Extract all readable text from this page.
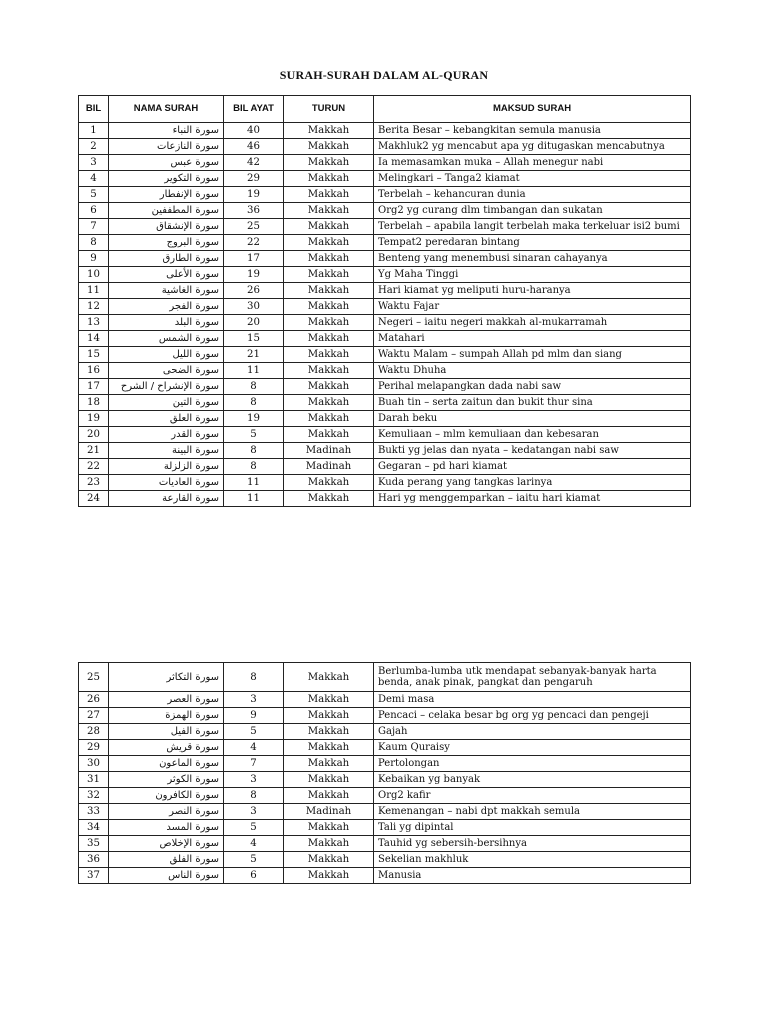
SURAH-SURAH DALAM AL-QURAN
BIL	NAMA SURAH	BIL AYAT	TURUN	MAKSUD SURAH
1	سورة النباء	40	Makkah	Berita Besar – kebangkitan semula manusia
2	سورة النازعات	46	Makkah	Makhluk2 yg mencabut apa yg ditugaskan mencabutnya
3	سورة عبس	42	Makkah	Ia memasamkan muka – Allah menegur nabi
4	سورة التكوير	29	Makkah	Melingkari – Tanga2 kiamat
5	سورة الإنفطار	19	Makkah	Terbelah – kehancuran dunia
6	سورة المطففين	36	Makkah	Org2 yg curang dlm timbangan dan sukatan
7	سورة الإنشقاق	25	Makkah	Terbelah – apabila langit terbelah maka terkeluar isi2 bumi
8	سورة البروج	22	Makkah	Tempat2 peredaran bintang
9	سورة الطارق	17	Makkah	Benteng yang menembusi sinaran cahayanya
10	سورة الأعلى	19	Makkah	Yg Maha Tinggi
11	سورة الغاشية	26	Makkah	Hari kiamat yg meliputi huru-haranya
12	سورة الفجر	30	Makkah	Waktu Fajar
13	سورة البلد	20	Makkah	Negeri – iaitu negeri makkah al-mukarramah
14	سورة الشمس	15	Makkah	Matahari
15	سورة الليل	21	Makkah	Waktu Malam – sumpah Allah pd mlm dan siang
16	سورة الضحى	11	Makkah	Waktu Dhuha
17	سورة الإنشراح / الشرح	8	Makkah	Perihal melapangkan dada nabi saw
18	سورة التين	8	Makkah	Buah tin – serta zaitun dan bukit thur sina
19	سورة العلق	19	Makkah	Darah beku
20	سورة القدر	5	Makkah	Kemuliaan – mlm kemuliaan dan kebesaran
21	سورة البينة	8	Madinah	Bukti yg jelas dan nyata – kedatangan nabi saw
22	سورة الزلزلة	8	Madinah	Gegaran – pd hari kiamat
23	سورة العاديات	11	Makkah	Kuda perang yang tangkas larinya
24	سورة القارعة	11	Makkah	Hari yg menggemparkan – iaitu hari kiamat
25	سورة التكاثر	8	Makkah	Berlumba-lumba utk mendapat sebanyak-banyak harta benda, anak pinak, pangkat dan pengaruh
26	سورة العصر	3	Makkah	Demi masa
27	سورة الهمزة	9	Makkah	Pencaci – celaka besar bg org yg pencaci dan pengeji
28	سورة الفيل	5	Makkah	Gajah
29	سورة قريش	4	Makkah	Kaum Quraisy
30	سورة الماعون	7	Makkah	Pertolongan
31	سورة الكوثر	3	Makkah	Kebaikan yg banyak
32	سورة الكافرون	8	Makkah	Org2 kafir
33	سورة النصر	3	Madinah	Kemenangan – nabi dpt makkah semula
34	سورة المسد	5	Makkah	Tali yg dipintal
35	سورة الإخلاص	4	Makkah	Tauhid yg sebersih-bersihnya
36	سورة الفلق	5	Makkah	Sekelian makhluk
37	سورة الناس	6	Makkah	Manusia
